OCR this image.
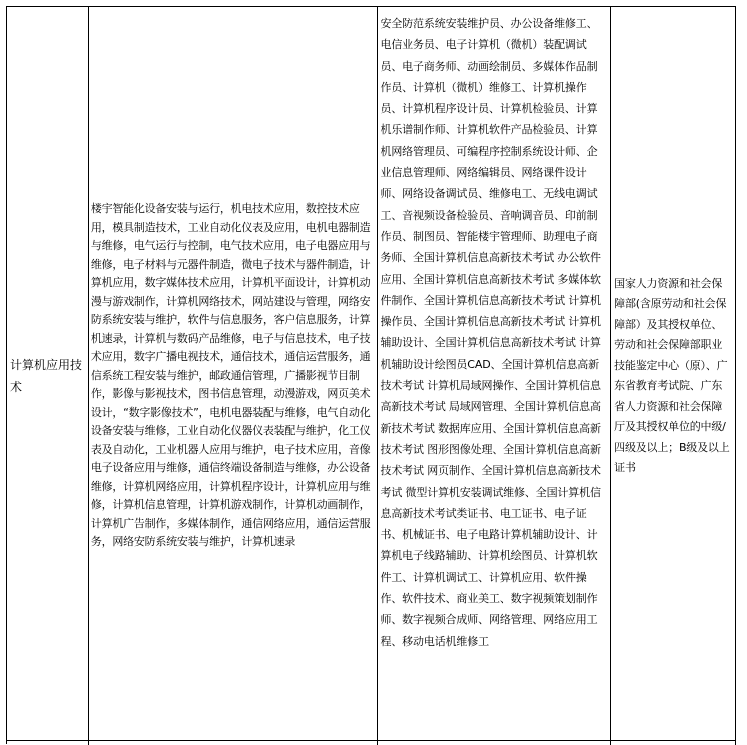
计算机应用技术
楼宇智能化设备安装与运行，机电技术应用，数控技术应用，模具制造技术，工业自动化仪表及应用，电机电器制造与维修，电气运行与控制，电气技术应用，电子电器应用与维修，电子材料与元器件制造，微电子技术与器件制造，计算机应用，数字媒体技术应用，计算机平面设计，计算机动漫与游戏制作，计算机网络技术，网站建设与管理，网络安防系统安装与维护，软件与信息服务，客户信息服务，计算机速录，计算机与数码产品维修，电子与信息技术，电子技术应用，数字广播电视技术，通信技术，通信运营服务，通信系统工程安装与维护，邮政通信管理，广播影视节目制作，影像与影视技术，图书信息管理，动漫游戏，网页美术设计，“数字影像技术”，电机电器装配与维修，电气自动化设备安装与维修，工业自动化仪器仪表装配与维护，化工仪表及自动化，工业机器人应用与维护，电子技术应用，音像电子设备应用与维修，通信终端设备制造与维修，办公设备维修，计算机网络应用，计算机程序设计，计算机应用与维修，计算机信息管理，计算机游戏制作，计算机动画制作，计算机广告制作，多媒体制作，通信网络应用，通信运营服务，网络安防系统安装与维护，计算机速录
安全防范系统安装维护员、办公设备维修工、电信业务员、电子计算机（微机）装配调试员、电子商务师、动画绘制员、多媒体作品制作员、计算机（微机）维修工、计算机操作员、计算机程序设计员、计算机检验员、计算机乐谱制作师、计算机软件产品检验员、计算机网络管理员、可编程序控制系统设计师、企业信息管理师、网络编辑员、网络课件设计师、网络设备调试员、维修电工、无线电调试工、音视频设备检验员、音响调音员、印前制作员、制图员、智能楼宇管理师、助理电子商务师、全国计算机信息高新技术考试 办公软件应用、全国计算机信息高新技术考试 多媒体软件制作、全国计算机信息高新技术考试 计算机操作员、全国计算机信息高新技术考试 计算机辅助设计、全国计算机信息高新技术考试 计算机辅助设计绘图员CAD、全国计算机信息高新技术考试 计算机局域网操作、全国计算机信息高新技术考试 局域网管理、全国计算机信息高新技术考试 数据库应用、全国计算机信息高新技术考试 图形图像处理、全国计算机信息高新技术考试 网页制作、全国计算机信息高新技术考试 微型计算机安装调试维修、全国计算机信息高新技术考试类证书、电工证书、电子证书、机械证书、电子电路计算机辅助设计、计算机电子线路辅助、计算机绘图员、计算机软件工、计算机调试工、计算机应用、软件操作、软件技术、商业美工、数字视频策划制作师、数字视频合成师、网络管理、网络应用工程、移动电话机维修工
国家人力资源和社会保障部(含原劳动和社会保障部）及其授权单位、劳动和社会保障部职业技能鉴定中心（原）、广东省教育考试院、广东省人力资源和社会保障厅及其授权单位的中级/四级及以上；B级及以上证书
